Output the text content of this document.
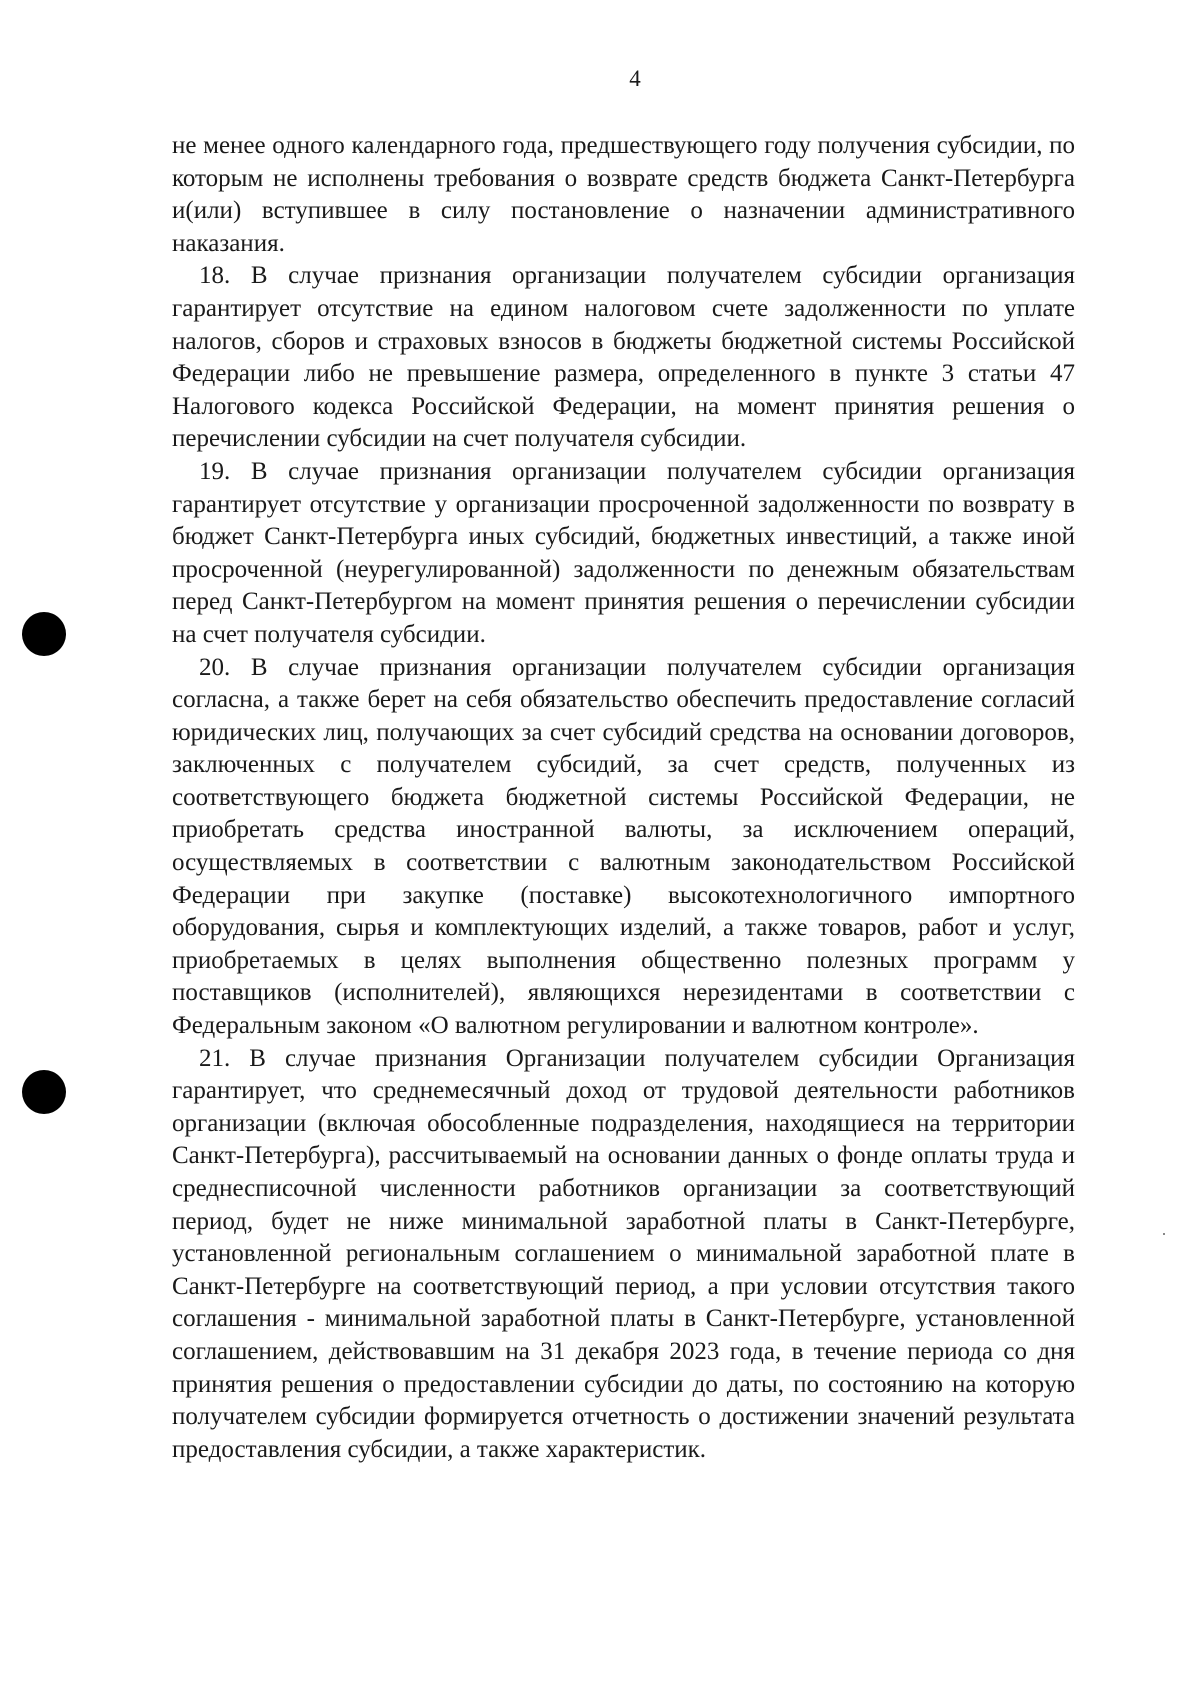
4

не менее одного календарного года, предшествующего году получения субсидии, по которым не исполнены требования о возврате средств бюджета Санкт-Петербурга и(или) вступившее в силу постановление о назначении административного наказания.

18. В случае признания организации получателем субсидии организация гарантирует отсутствие на едином налоговом счете задолженности по уплате налогов, сборов и страховых взносов в бюджеты бюджетной системы Российской Федерации либо не превышение размера, определенного в пункте 3 статьи 47 Налогового кодекса Российской Федерации, на момент принятия решения о перечислении субсидии на счет получателя субсидии.

19. В случае признания организации получателем субсидии организация гарантирует отсутствие у организации просроченной задолженности по возврату в бюджет Санкт-Петербурга иных субсидий, бюджетных инвестиций, а также иной просроченной (неурегулированной) задолженности по денежным обязательствам перед Санкт-Петербургом на момент принятия решения о перечислении субсидии на счет получателя субсидии.

20. В случае признания организации получателем субсидии организация согласна, а также берет на себя обязательство обеспечить предоставление согласий юридических лиц, получающих за счет субсидий средства на основании договоров, заключенных с получателем субсидий, за счет средств, полученных из соответствующего бюджета бюджетной системы Российской Федерации, не приобретать средства иностранной валюты, за исключением операций, осуществляемых в соответствии с валютным законодательством Российской Федерации при закупке (поставке) высокотехнологичного импортного оборудования, сырья и комплектующих изделий, а также товаров, работ и услуг, приобретаемых в целях выполнения общественно полезных программ у поставщиков (исполнителей), являющихся нерезидентами в соответствии с Федеральным законом «О валютном регулировании и валютном контроле».

21. В случае признания Организации получателем субсидии Организация гарантирует, что среднемесячный доход от трудовой деятельности работников организации (включая обособленные подразделения, находящиеся на территории Санкт-Петербурга), рассчитываемый на основании данных о фонде оплаты труда и среднесписочной численности работников организации за соответствующий период, будет не ниже минимальной заработной платы в Санкт-Петербурге, установленной региональным соглашением о минимальной заработной плате в Санкт-Петербурге на соответствующий период, а при условии отсутствия такого соглашения - минимальной заработной платы в Санкт-Петербурге, установленной соглашением, действовавшим на 31 декабря 2023 года, в течение периода со дня принятия решения о предоставлении субсидии до даты, по состоянию на которую получателем субсидии формируется отчетность о достижении значений результата предоставления субсидии, а также характеристик.
